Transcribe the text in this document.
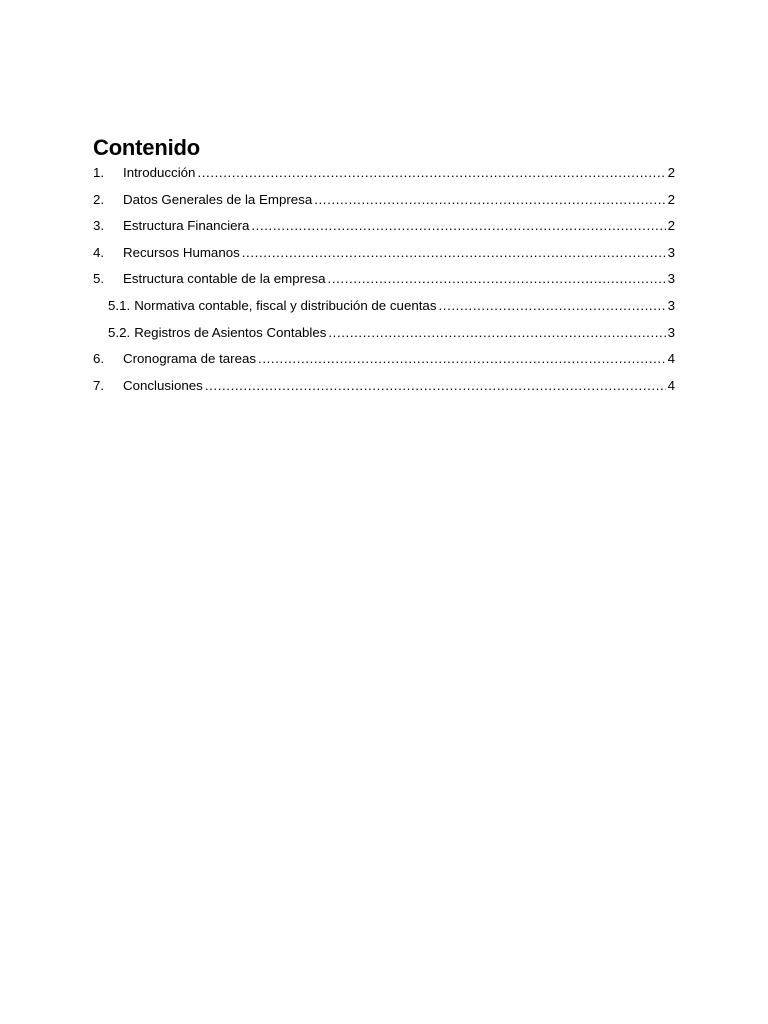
Contenido
1.	Introducción .....	2
2.	Datos Generales de la Empresa .....	2
3.	Estructura Financiera .....	2
4.	Recursos Humanos .....	3
5.	Estructura contable de la empresa .....	3
5.1. Normativa contable, fiscal y distribución de cuentas .....	3
5.2. Registros de Asientos Contables .....	3
6.	Cronograma de tareas .....	4
7.	Conclusiones .....	4
